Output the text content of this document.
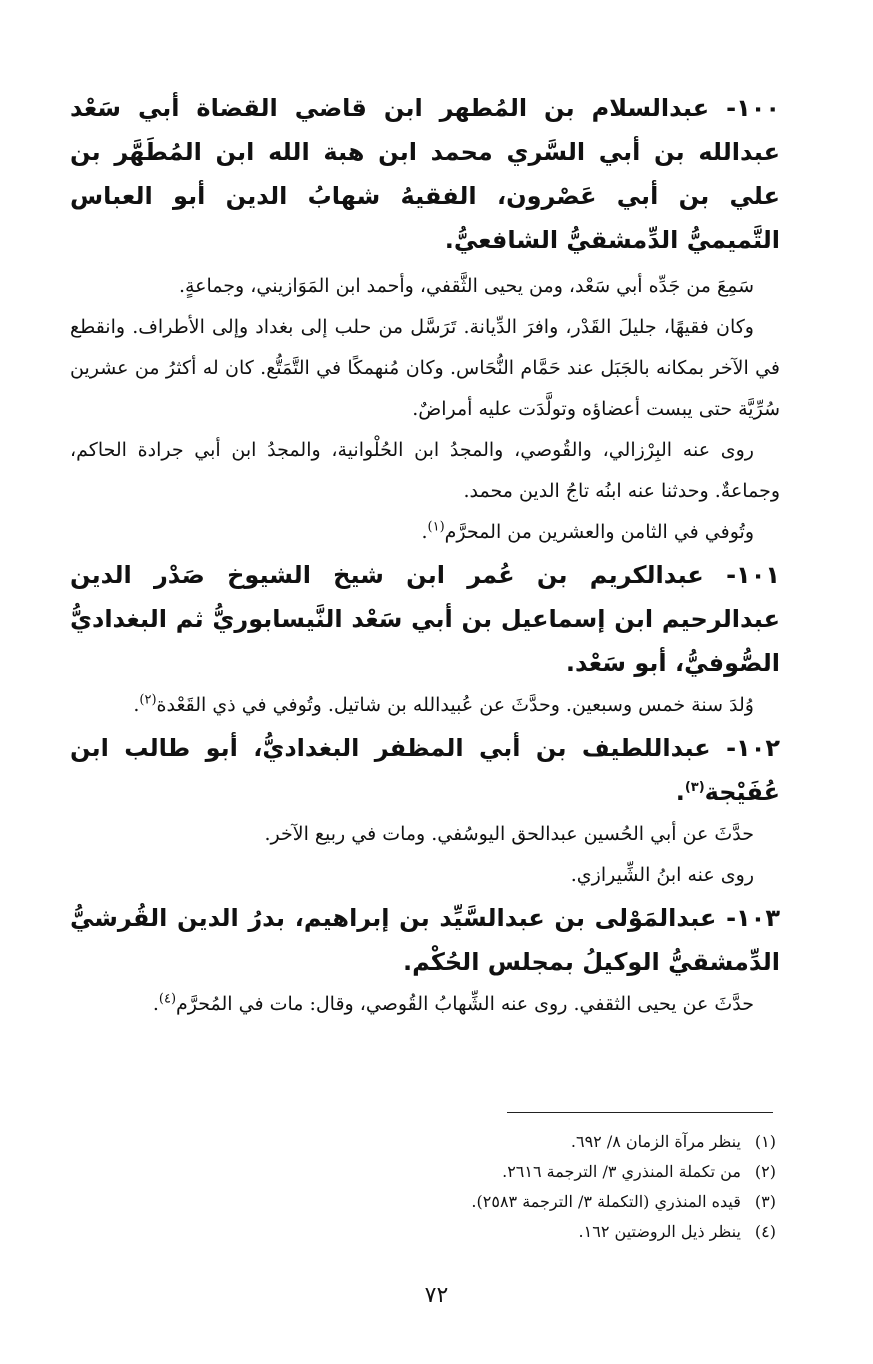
١٠٠- عبدالسلام بن المُطهر ابن قاضي القضاة أبي سَعْد عبدالله بن أبي السَّري محمد ابن هبة الله ابن المُطَهَّر بن علي بن أبي عَصْرون، الفقيهُ شهابُ الدين أبو العباس التَّميميُّ الدِّمشقيُّ الشافعيُّ.

سَمِعَ من جَدِّه أبي سَعْد، ومن يحيى الثَّقفي، وأحمد ابن المَوَازيني، وجماعةٍ.

وكان فقيهًا، جليلَ القَدْر، وافرَ الدِّيانة. تَرَسَّل من حلب إلى بغداد وإلى الأطراف. وانقطع في الآخر بمكانه بالجَبَل عند حَمَّام النُّحَاس. وكان مُنهمكًا في التَّمَتُّع. كان له أكثرُ من عشرين سُرِّيَّة حتى يبست أعضاؤه وتولَّدَت عليه أمراضٌ.

روى عنه البِرْزالي، والقُوصي، والمجدُ ابن الحُلْوانية، والمجدُ ابن أبي جرادة الحاكم، وجماعةٌ. وحدثنا عنه ابنُه تاجُ الدين محمد.

وتُوفي في الثامن والعشرين من المحرَّم$^{(١)}$.

١٠١- عبدالكريم بن عُمر ابن شيخ الشيوخ صَدْر الدين عبدالرحيم ابن إسماعيل بن أبي سَعْد النَّيسابوريُّ ثم البغداديُّ الصُّوفيُّ، أبو سَعْد.

وُلدَ سنة خمس وسبعين. وحدَّثَ عن عُبيدالله بن شاتيل. وتُوفي في ذي القَعْدة$^{(٢)}$.

١٠٢- عبداللطيف بن أبي المظفر البغداديُّ، أبو طالب ابن عُفَيْجة$^{(٣)}$.

حدَّثَ عن أبي الحُسين عبدالحق اليوسُفي. ومات في ربيع الآخر.

روى عنه ابنُ الشِّيرازي.

١٠٣- عبدالمَوْلى بن عبدالسَّيِّد بن إبراهيم، بدرُ الدين القُرشيُّ الدِّمشقيُّ الوكيلُ بمجلس الحُكْم.

حدَّثَ عن يحيى الثقفي. روى عنه الشِّهابُ القُوصي، وقال: مات في المُحرَّم$^{(٤)}$.

(١)
ينظر مرآة الزمان ٨/ ٦٩٢.
(٢)
من تكملة المنذري ٣/ الترجمة ٢٦١٦.
(٣)
قيده المنذري (التكملة ٣/ الترجمة ٢٥٨٣).
(٤)
ينظر ذيل الروضتين ١٦٢.
٧٢
